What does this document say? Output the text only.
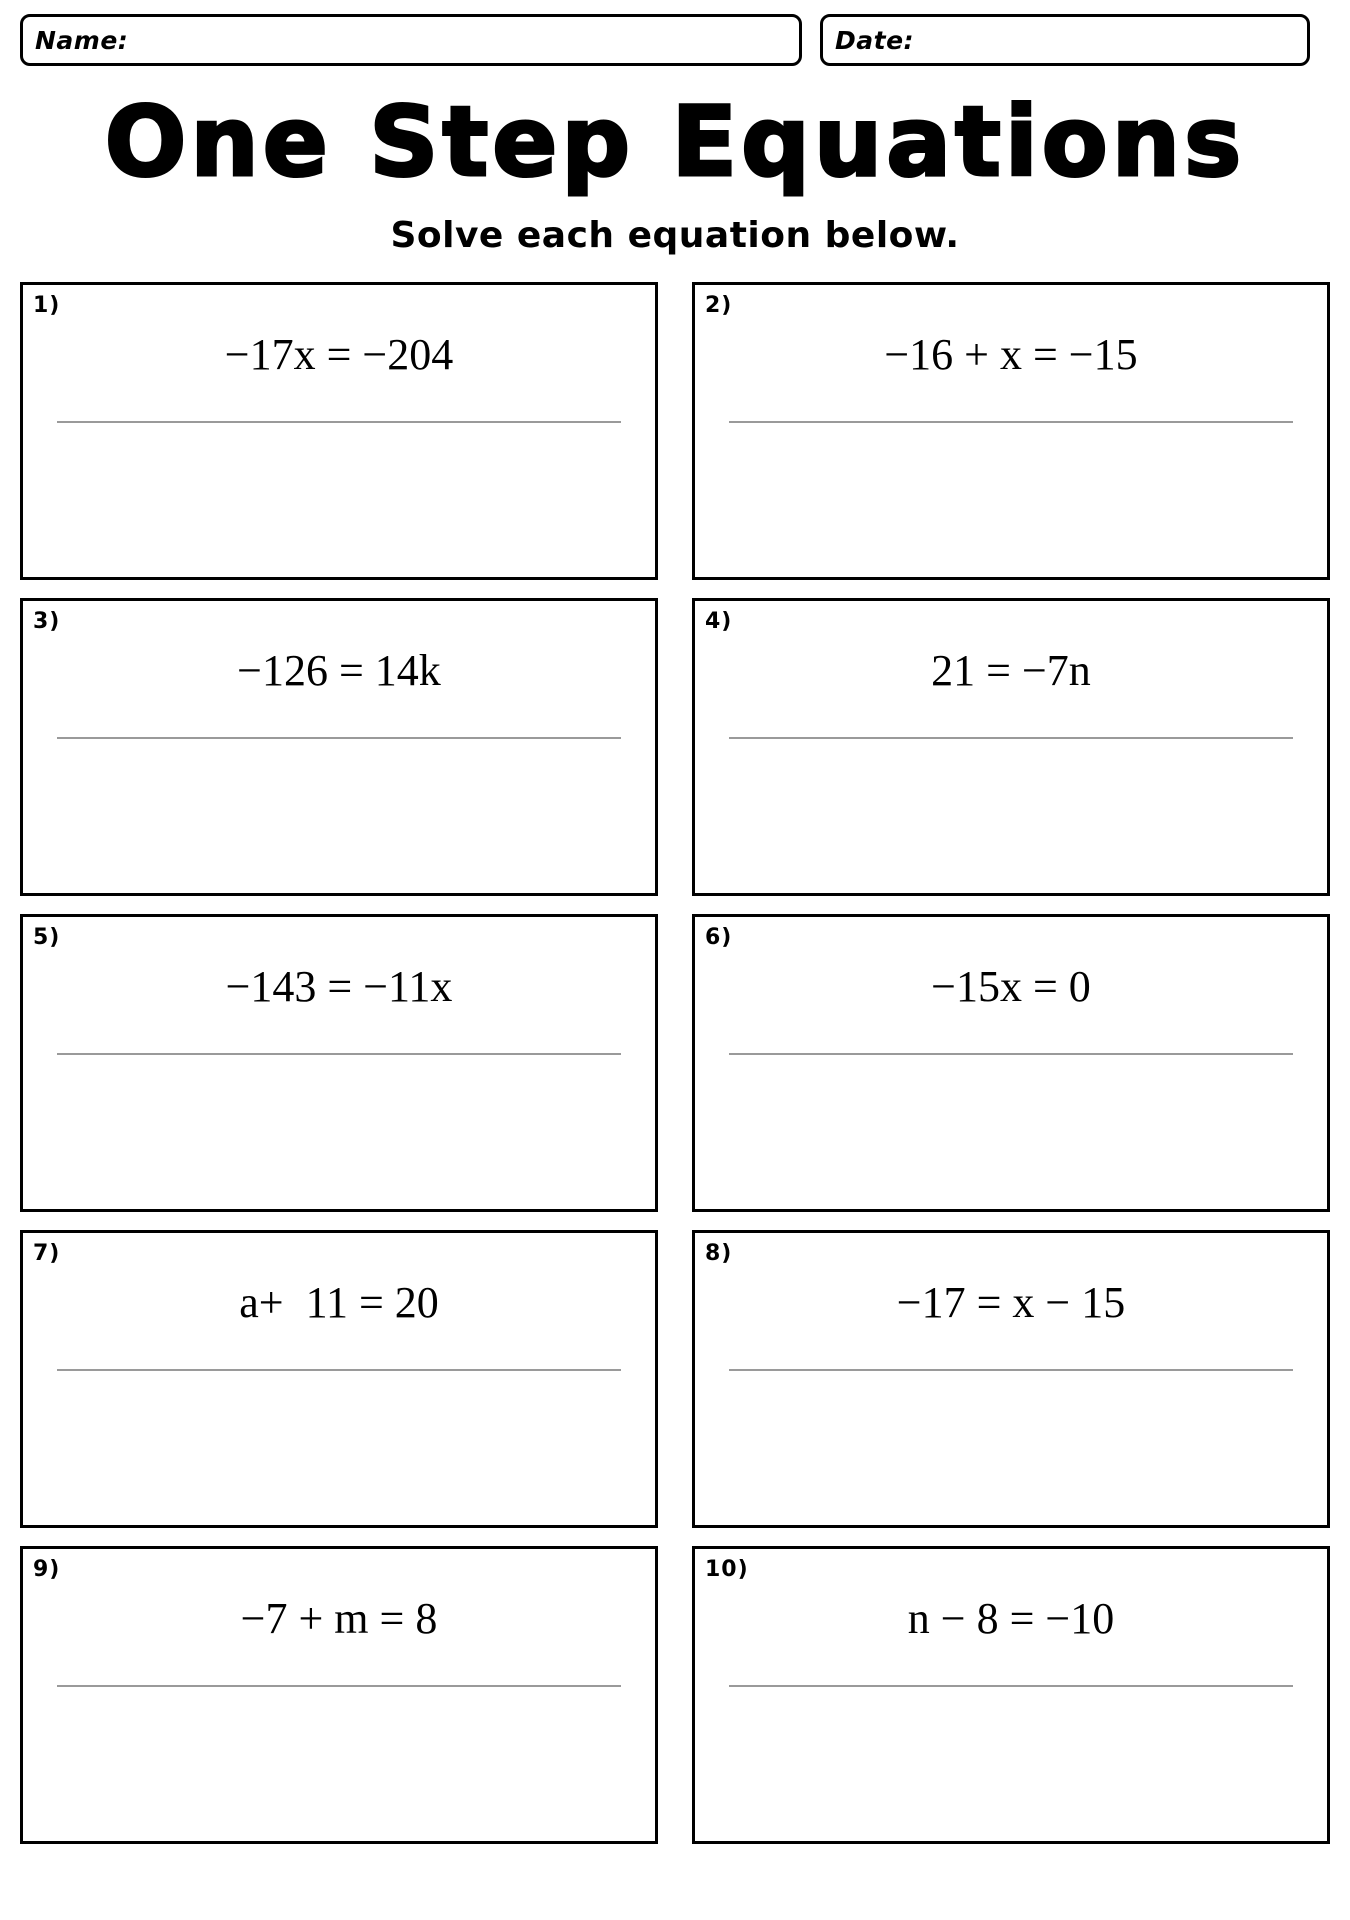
Name:	Date:
One Step Equations
Solve each equation below.
1)
−17x = −204
2)
−16 + x = −15
3)
−126 = 14k
4)
21 = −7n
5)
−143 = −11x
6)
−15x = 0
7)
a+  11 = 20
8)
−17 = x − 15
9)
−7 + m = 8
10)
n − 8 = −10
